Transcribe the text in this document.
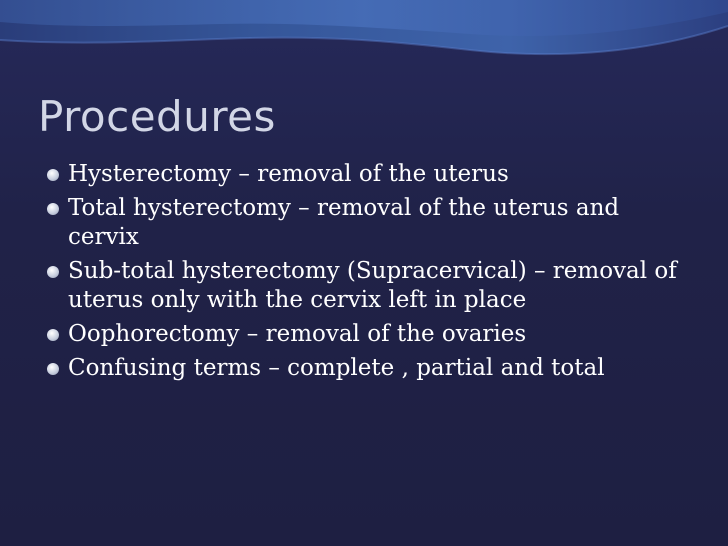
Procedures
Hysterectomy – removal of the uterus
Total hysterectomy – removal of the uterus and cervix
Sub-total hysterectomy (Supracervical) – removal of uterus only with the cervix left in place
Oophorectomy – removal of the ovaries
Confusing terms – complete , partial and total
